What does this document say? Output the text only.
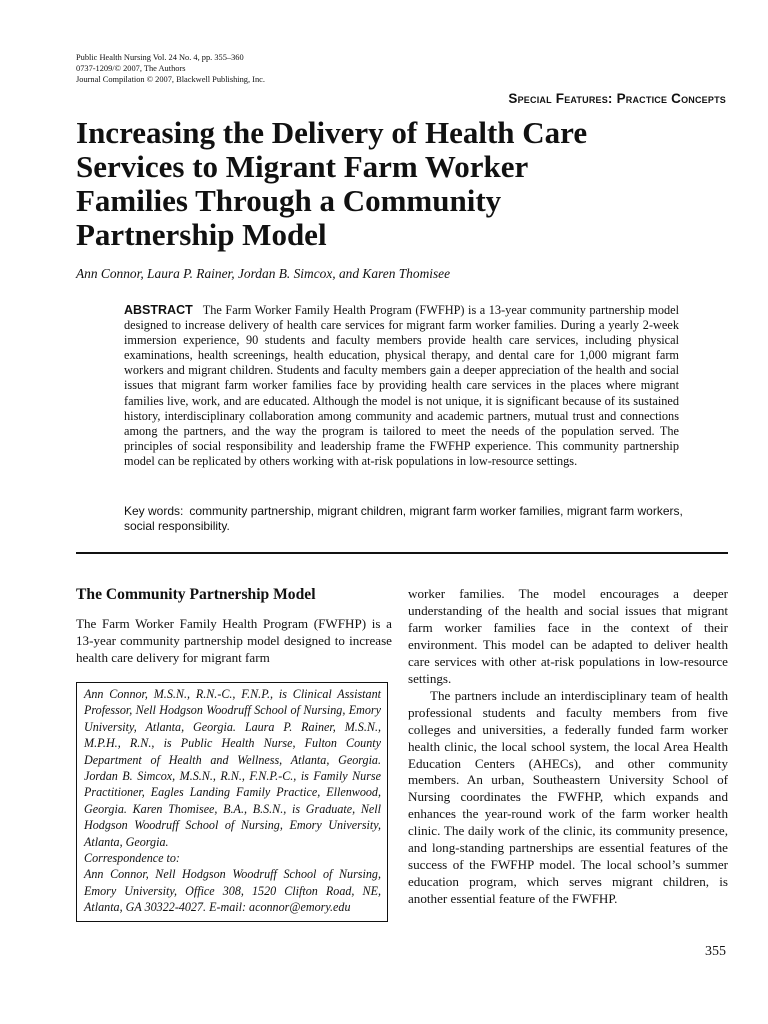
Public Health Nursing Vol. 24 No. 4, pp. 355–360
0737-1209/© 2007, The Authors
Journal Compilation © 2007, Blackwell Publishing, Inc.
Special Features: Practice Concepts
Increasing the Delivery of Health Care
Services to Migrant Farm Worker
Families Through a Community
Partnership Model
Ann Connor, Laura P. Rainer, Jordan B. Simcox, and Karen Thomisee
ABSTRACT The Farm Worker Family Health Program (FWFHP) is a 13-year community partnership model designed to increase delivery of health care services for migrant farm worker families. During a yearly 2-week immersion experience, 90 students and faculty members provide health care services, including physical examinations, health screenings, health education, physical therapy, and dental care for 1,000 migrant farm workers and migrant children. Students and faculty members gain a deeper appreciation of the health and social issues that migrant farm worker families face by providing health care services in the places where migrant families live, work, and are educated. Although the model is not unique, it is significant because of its sustained history, interdisciplinary collaboration among community and academic partners, mutual trust and connections among the partners, and the way the program is tailored to meet the needs of the population served. The principles of social responsibility and leadership frame the FWFHP experience. This community partnership model can be replicated by others working with at-risk populations in low-resource settings.
Key words: community partnership, migrant children, migrant farm worker families, migrant farm workers, social responsibility.
The Community Partnership Model

The Farm Worker Family Health Program (FWFHP) is a 13-year community partnership model designed to increase health care delivery for migrant farm

Ann Connor, M.S.N., R.N.-C., F.N.P., is Clinical Assistant Professor, Nell Hodgson Woodruff School of Nursing, Emory University, Atlanta, Georgia. Laura P. Rainer, M.S.N., M.P.H., R.N., is Public Health Nurse, Fulton County Department of Health and Wellness, Atlanta, Georgia. Jordan B. Simcox, M.S.N., R.N., F.N.P.-C., is Family Nurse Practitioner, Eagles Landing Family Practice, Ellenwood, Georgia. Karen Thomisee, B.A., B.S.N., is Graduate, Nell Hodgson Woodruff School of Nursing, Emory University, Atlanta, Georgia.

Correspondence to:

Ann Connor, Nell Hodgson Woodruff School of Nursing, Emory University, Office 308, 1520 Clifton Road, NE, Atlanta, GA 30322-4027. E-mail: aconnor@emory.edu

worker families. The model encourages a deeper understanding of the health and social issues that migrant farm worker families face in the context of their environment. This model can be adapted to deliver health care services with other at-risk populations in low-resource settings.

The partners include an interdisciplinary team of health professional students and faculty members from five colleges and universities, a federally funded farm worker health clinic, the local school system, the local Area Health Education Centers (AHECs), and other community members. An urban, Southeastern University School of Nursing coordinates the FWFHP, which expands and enhances the year-round work of the farm worker health clinic. The daily work of the clinic, its community presence, and long-standing partnerships are essential features of the success of the FWFHP model. The local school’s summer education program, which serves migrant children, is another essential feature of the FWFHP.

355
